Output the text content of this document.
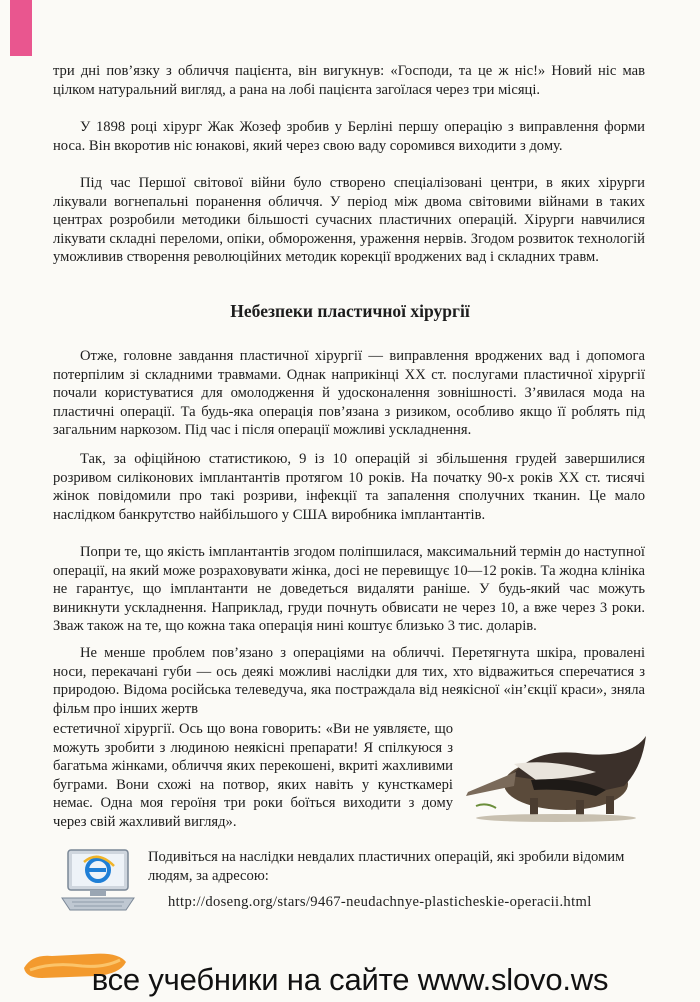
три дні пов’язку з обличчя пацієнта, він вигукнув: «Господи, та це ж ніс!» Новий ніс мав цілком натуральний вигляд, а рана на лобі пацієнта загоїлася через три місяці.

У 1898 році хірург Жак Жозеф зробив у Берліні першу операцію з виправлення форми носа. Він вкоротив ніс юнакові, який через свою ваду соромився виходити з дому.

Під час Першої світової війни було створено спеціалізовані центри, в яких хірурги лікували вогнепальні поранення обличчя. У період між двома світовими війнами в таких центрах розробили методики більшості сучасних пластичних операцій. Хірурги навчилися лікувати складні переломи, опіки, обмороження, ураження нервів. Згодом розвиток технологій уможливив створення революційних методик корекції вроджених вад і складних травм.

Небезпеки пластичної хірургії

Отже, головне завдання пластичної хірургії — виправлення вроджених вад і допомога потерпілим зі складними травмами. Однак наприкінці XX ст. послугами пластичної хірургії почали користуватися для омолодження й удосконалення зовнішності. З’явилася мода на пластичні операції. Та будь-яка операція пов’язана з ризиком, особливо якщо її роблять під загальним наркозом. Під час і після операції можливі ускладнення.

Так, за офіційною статистикою, 9 із 10 операцій зі збільшення грудей завершилися розривом силіконових імплантантів протягом 10 років. На початку 90-х років XX ст. тисячі жінок повідомили про такі розриви, інфекції та запалення сполучних тканин. Це мало наслідком банкрутство найбільшого у США виробника імплантантів.

Попри те, що якість імплантантів згодом поліпшилася, максимальний термін до наступної операції, на який може розраховувати жінка, досі не перевищує 10—12 років. Та жодна клініка не гарантує, що імплантанти не доведеться видаляти раніше. У будь-який час можуть виникнути ускладнення. Наприклад, груди почнуть обвисати не через 10, а вже через 3 роки. Зваж також на те, що кожна така операція нині коштує близько 3 тис. доларів.

Не менше проблем пов’язано з операціями на обличчі. Перетягнута шкіра, провалені носи, перекачані губи — ось деякі можливі наслідки для тих, хто відважиться сперечатися з природою. Відома російська телеведуча, яка постраждала від неякісної «ін’єкції краси», зняла фільм про інших жертв

естетичної хірургії. Ось що вона говорить: «Ви не уявляєте, що можуть зробити з людиною неякісні препарати! Я спілкуюся з багатьма жінками, обличчя яких перекошені, вкриті жахливими буграми. Вони схожі на потвор, яких навіть у кунсткамері немає. Одна моя героїня три роки боїться виходити з дому через свій жахливий вигляд».

Подивіться на наслідки невдалих пластичних операцій, які зробили відомим людям, за адресою:

http://doseng.org/stars/9467-neudachnye-plasticheskie-operacii.html

все учебники на сайте www.slovo.ws
